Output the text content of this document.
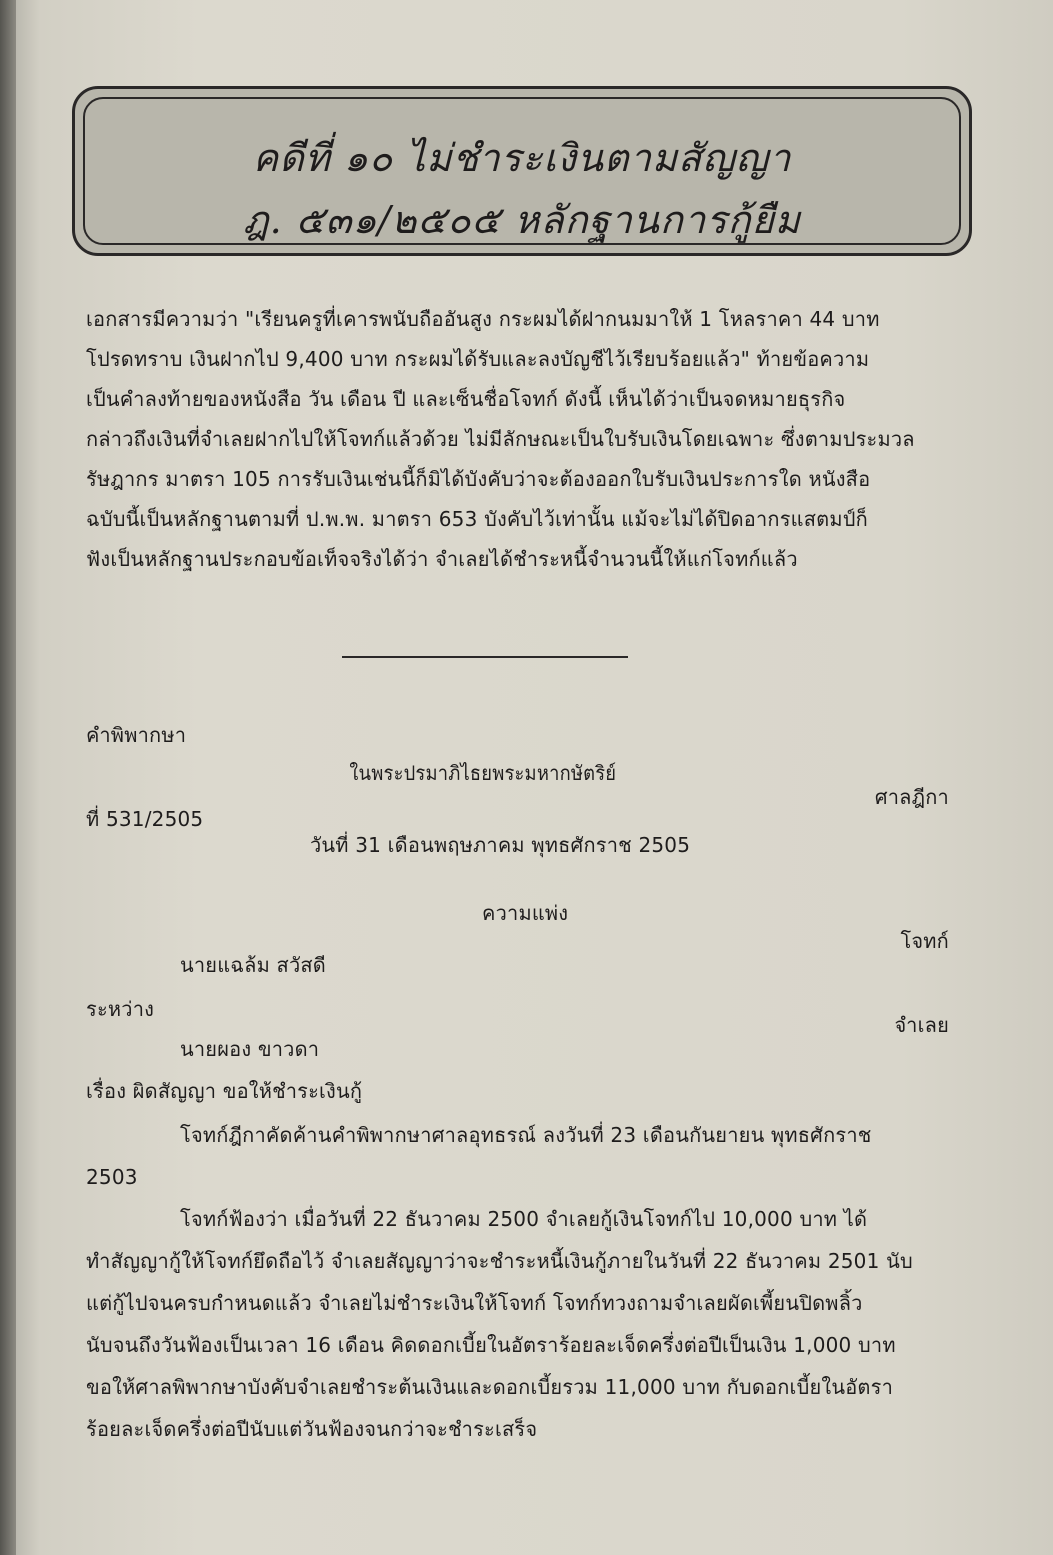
คดีที่ ๑๐ ไม่ชำระเงินตามสัญญา
ฎ. ๕๓๑/๒๕๐๕ หลักฐานการกู้ยืม
เอกสารมีความว่า "เรียนครูที่เคารพนับถืออันสูง กระผมได้ฝากนมมาให้ 1 โหลราคา 44 บาท
โปรดทราบ เงินฝากไป 9,400 บาท กระผมได้รับและลงบัญชีไว้เรียบร้อยแล้ว" ท้ายข้อความ
เป็นคำลงท้ายของหนังสือ วัน เดือน ปี และเซ็นชื่อโจทก์ ดังนี้ เห็นได้ว่าเป็นจดหมายธุรกิจ
กล่าวถึงเงินที่จำเลยฝากไปให้โจทก์แล้วด้วย ไม่มีลักษณะเป็นใบรับเงินโดยเฉพาะ ซึ่งตามประมวล
รัษฎากร มาตรา 105 การรับเงินเช่นนี้ก็มิได้บังคับว่าจะต้องออกใบรับเงินประการใด หนังสือ
ฉบับนี้เป็นหลักฐานตามที่ ป.พ.พ. มาตรา 653 บังคับไว้เท่านั้น แม้จะไม่ได้ปิดอากรแสตมป์ก็
ฟังเป็นหลักฐานประกอบข้อเท็จจริงได้ว่า จำเลยได้ชำระหนี้จำนวนนี้ให้แก่โจทก์แล้ว
คำพิพากษา
ในพระปรมาภิไธยพระมหากษัตริย์
ศาลฎีกา
ที่ 531/2505
วันที่ 31 เดือนพฤษภาคม พุทธศักราช 2505
ความแพ่ง
โจทก์
นายแฉล้ม สวัสดี
ระหว่าง
จำเลย
นายผอง ขาวดา
เรื่อง ผิดสัญญา ขอให้ชำระเงินกู้
โจทก์ฎีกาคัดค้านคำพิพากษาศาลอุทธรณ์ ลงวันที่ 23 เดือนกันยายน พุทธศักราช
2503
โจทก์ฟ้องว่า เมื่อวันที่ 22 ธันวาคม 2500 จำเลยกู้เงินโจทก์ไป 10,000 บาท ได้
ทำสัญญากู้ให้โจทก์ยึดถือไว้ จำเลยสัญญาว่าจะชำระหนี้เงินกู้ภายในวันที่ 22 ธันวาคม 2501 นับ
แต่กู้ไปจนครบกำหนดแล้ว จำเลยไม่ชำระเงินให้โจทก์ โจทก์ทวงถามจำเลยผัดเพี้ยนปิดพลิ้ว
นับจนถึงวันฟ้องเป็นเวลา 16 เดือน คิดดอกเบี้ยในอัตราร้อยละเจ็ดครึ่งต่อปีเป็นเงิน 1,000 บาท
ขอให้ศาลพิพากษาบังคับจำเลยชำระต้นเงินและดอกเบี้ยรวม 11,000 บาท กับดอกเบี้ยในอัตรา
ร้อยละเจ็ดครึ่งต่อปีนับแต่วันฟ้องจนกว่าจะชำระเสร็จ
